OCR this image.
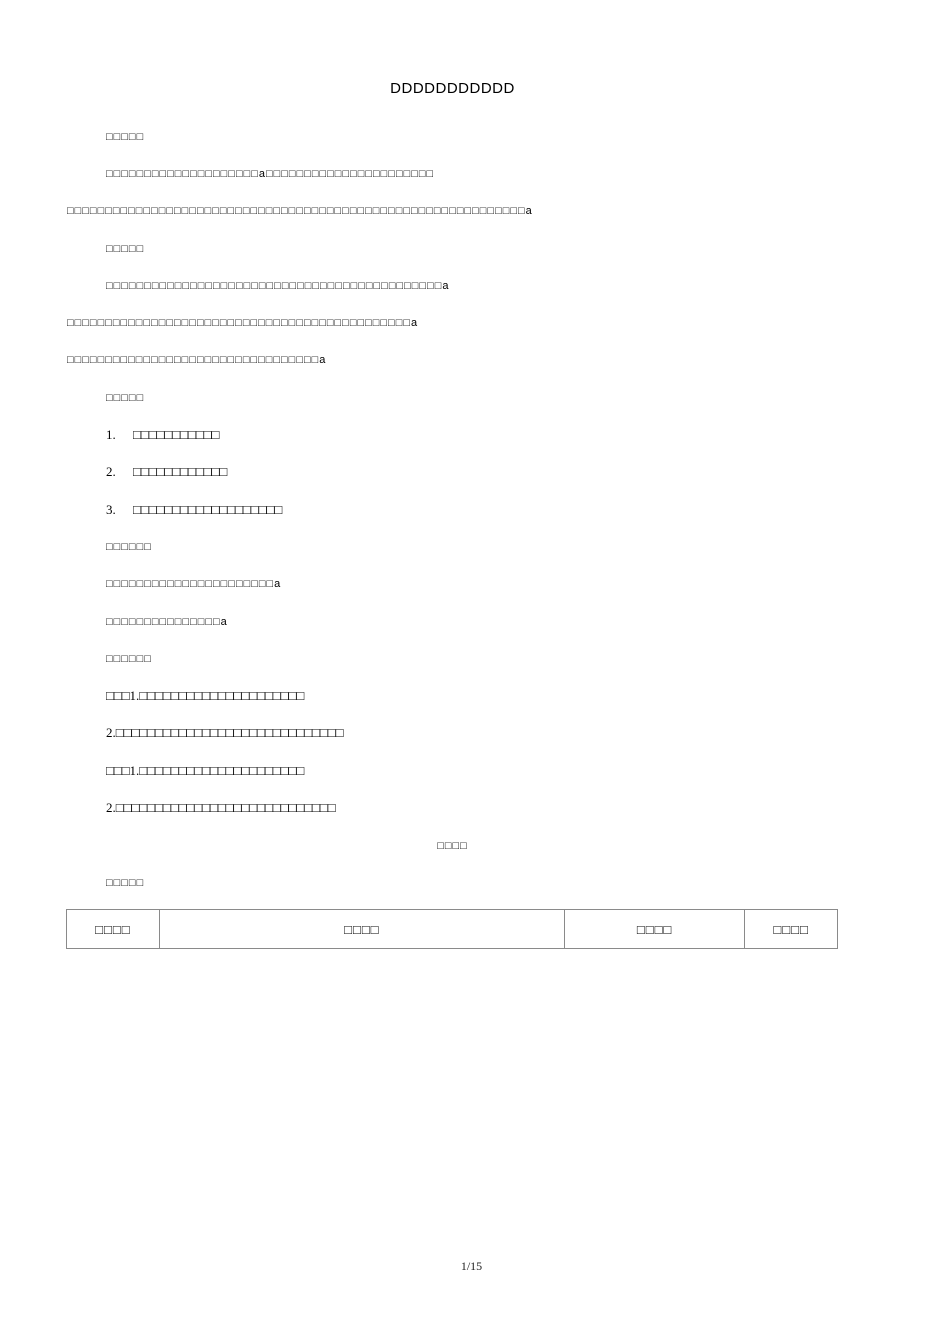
DDDDDDDDDDD
□□□□□
□□□□□□□□□□□□□□□□□□□□a□□□□□□□□□□□□□□□□□□□□□□
□□□□□□□□□□□□□□□□□□□□□□□□□□□□□□□□□□□□□□□□□□□□□□□□□□□□□□□□□□□□a
□□□□□
□□□□□□□□□□□□□□□□□□□□□□□□□□□□□□□□□□□□□□□□□□□□a
□□□□□□□□□□□□□□□□□□□□□□□□□□□□□□□□□□□□□□□□□□□□□a
□□□□□□□□□□□□□□□□□□□□□□□□□□□□□□□□□a
□□□□□
1. □□□□□□□□□□□
2. □□□□□□□□□□□□
3. □□□□□□□□□□□□□□□□□□□
□□□□□□
□□□□□□□□□□□□□□□□□□□□□□a
□□□□□□□□□□□□□□□a
□□□□□□
□□□1.□□□□□□□□□□□□□□□□□□□□□
2.□□□□□□□□□□□□□□□□□□□□□□□□□□□□□
□□□1.□□□□□□□□□□□□□□□□□□□□□
2.□□□□□□□□□□□□□□□□□□□□□□□□□□□□
□□□□
□□□□□
□□□□	□□□□	□□□□	□□□□
1/15
